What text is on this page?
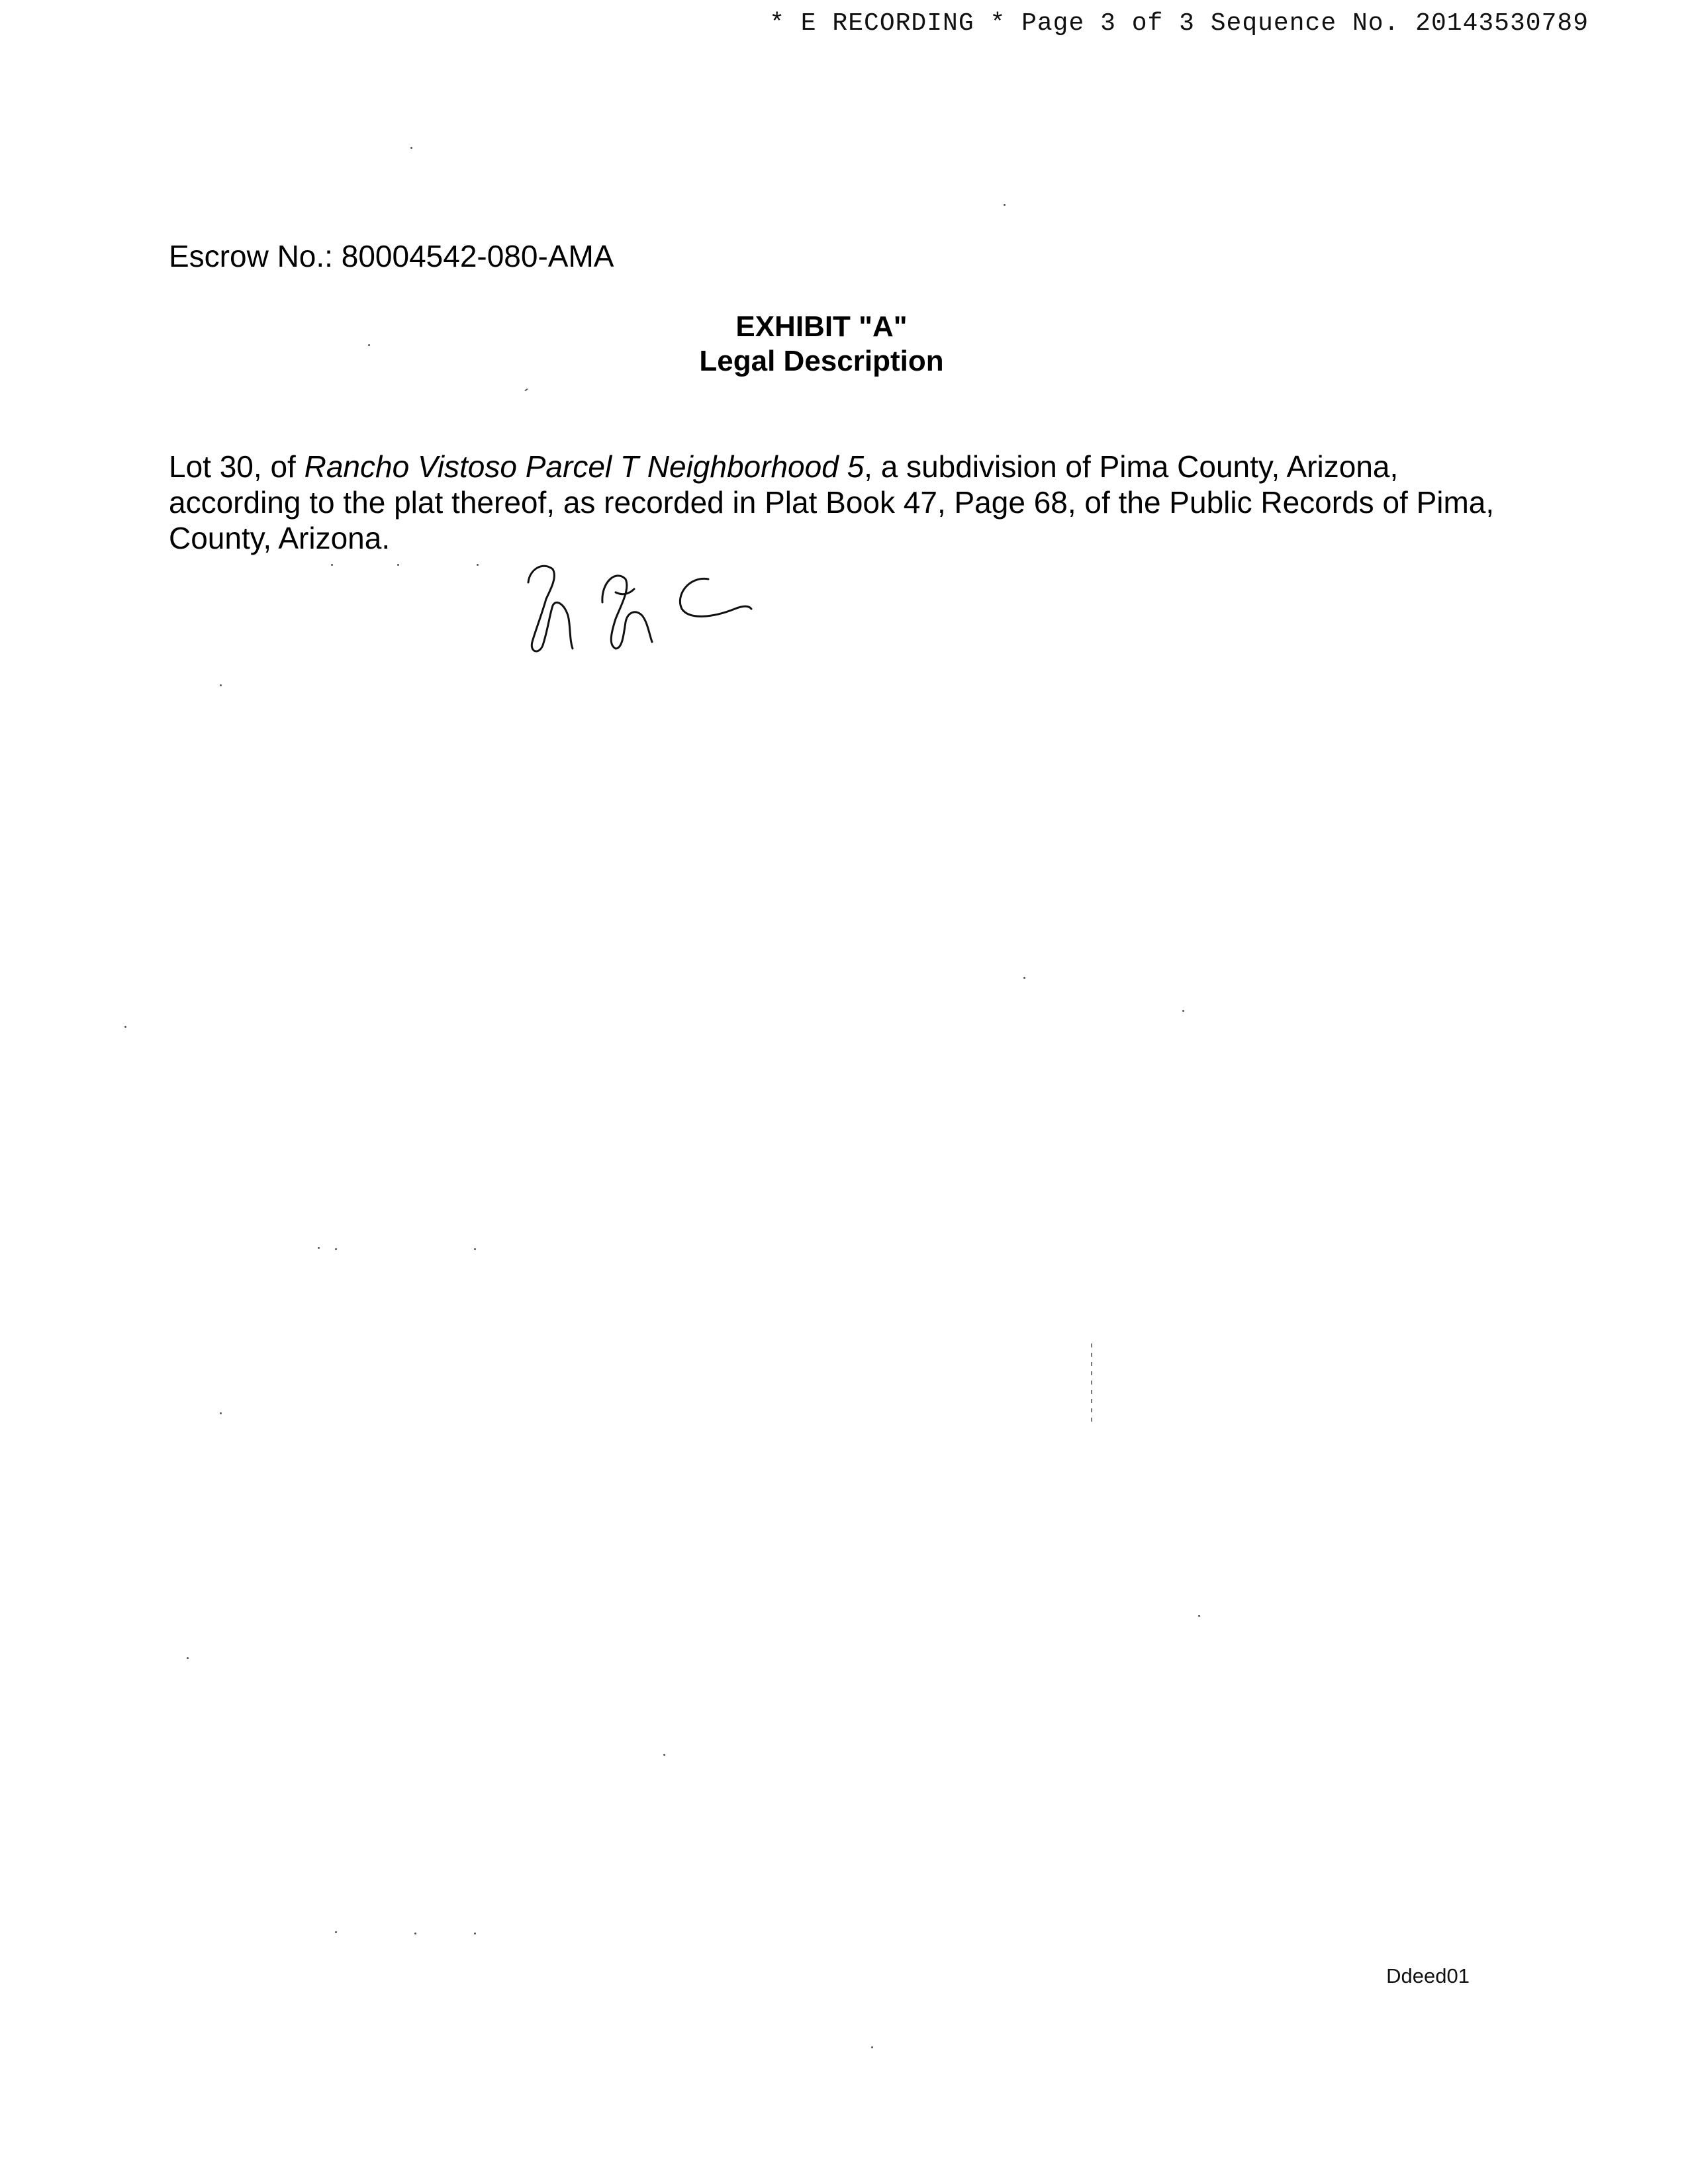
* E RECORDING * Page 3 of 3 Sequence No. 20143530789
Escrow No.: 80004542-080-AMA
EXHIBIT "A"
Legal Description
Lot 30, of Rancho Vistoso Parcel T Neighborhood 5, a subdivision of Pima County, Arizona, according to the plat thereof, as recorded in Plat Book 47, Page 68, of the Public Records of Pima, County, Arizona.
Ddeed01
